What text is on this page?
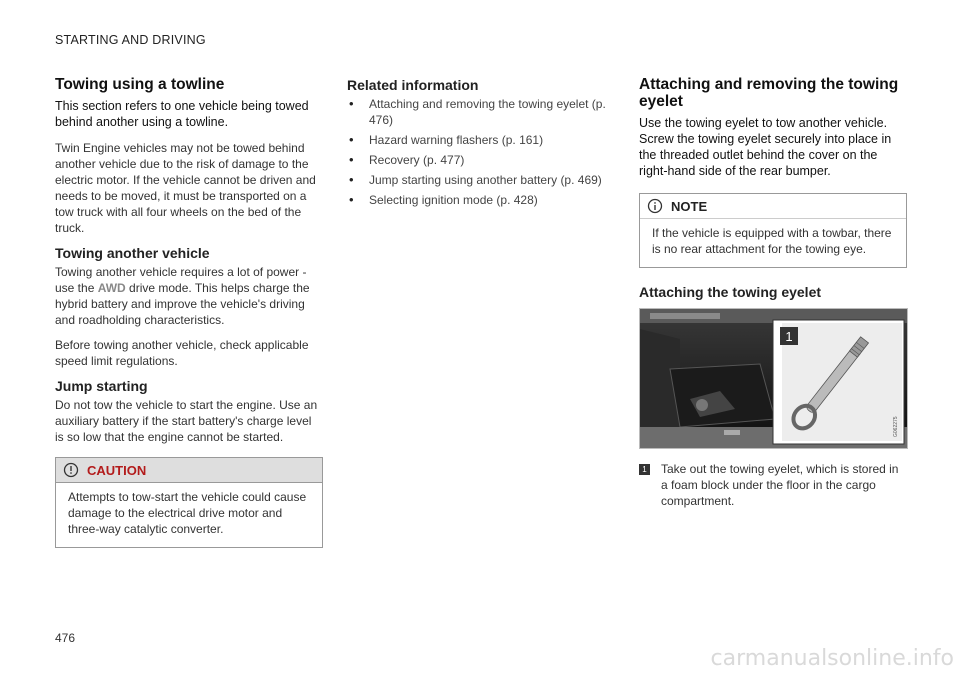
STARTING AND DRIVING
Towing using a towline

This section refers to one vehicle being towed behind another using a towline.

Twin Engine vehicles may not be towed behind another vehicle due to the risk of damage to the electric motor. If the vehicle cannot be driven and needs to be moved, it must be transported on a tow truck with all four wheels on the bed of the truck.

Towing another vehicle

Towing another vehicle requires a lot of power - use the AWD drive mode. This helps charge the hybrid battery and improve the vehicle's driving and roadholding characteristics.

Before towing another vehicle, check applicable speed limit regulations.

Jump starting

Do not tow the vehicle to start the engine. Use an auxiliary battery if the start battery's charge level is so low that the engine cannot be started.

CAUTION
Attempts to tow-start the vehicle could cause damage to the electrical drive motor and three-way catalytic converter.
Related information
• Attaching and removing the towing eyelet (p. 476)
• Hazard warning flashers (p. 161)
• Recovery (p. 477)
• Jump starting using another battery (p. 469)
• Selecting ignition mode (p. 428)
Attaching and removing the towing eyelet

Use the towing eyelet to tow another vehicle. Screw the towing eyelet securely into place in the threaded outlet behind the cover on the right-hand side of the rear bumper.

NOTE
If the vehicle is equipped with a towbar, there is no rear attachment for the towing eye.
Attaching the towing eyelet
1
G062275
1 Take out the towing eyelet, which is stored in a foam block under the floor in the cargo compartment.
476
carmanualsonline.info
